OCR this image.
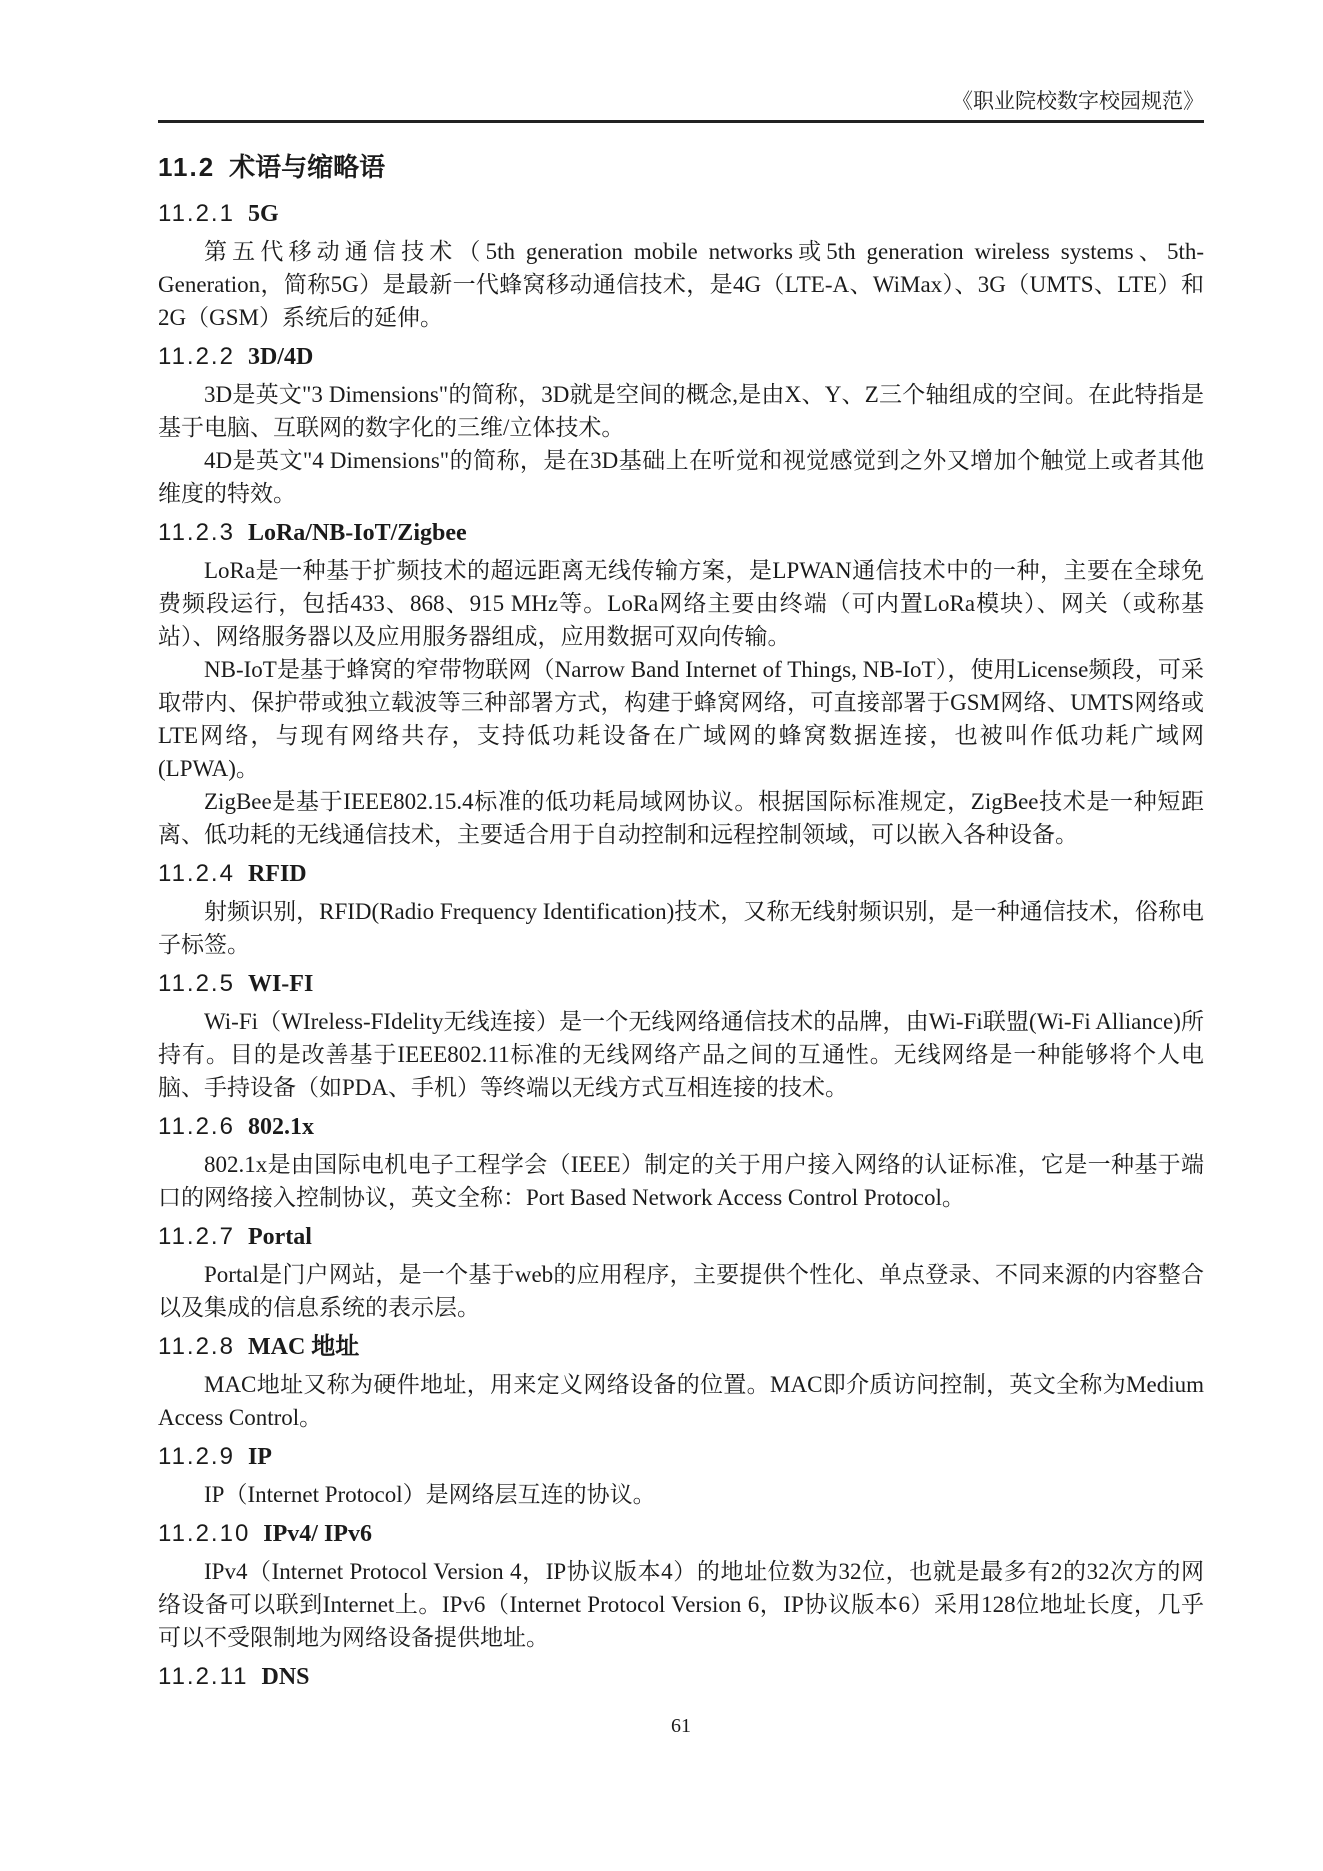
《职业院校数字校园规范》
11.2 术语与缩略语
11.2.1 5G

第五代移动通信技术（5th generation mobile networks或5th generation wireless systems、5th-Generation，简称5G）是最新一代蜂窝移动通信技术，是4G（LTE-A、WiMax）、3G（UMTS、LTE）和2G（GSM）系统后的延伸。

11.2.2 3D/4D

3D是英文"3 Dimensions"的简称，3D就是空间的概念,是由X、Y、Z三个轴组成的空间。在此特指是基于电脑、互联网的数字化的三维/立体技术。

4D是英文"4 Dimensions"的简称，是在3D基础上在听觉和视觉感觉到之外又增加个触觉上或者其他维度的特效。

11.2.3 LoRa/NB-IoT/Zigbee

LoRa是一种基于扩频技术的超远距离无线传输方案，是LPWAN通信技术中的一种，主要在全球免费频段运行，包括433、868、915 MHz等。LoRa网络主要由终端（可内置LoRa模块）、网关（或称基站）、网络服务器以及应用服务器组成，应用数据可双向传输。

NB-IoT是基于蜂窝的窄带物联网（Narrow Band Internet of Things, NB-IoT），使用License频段，可采取带内、保护带或独立载波等三种部署方式，构建于蜂窝网络，可直接部署于GSM网络、UMTS网络或LTE网络，与现有网络共存，支持低功耗设备在广域网的蜂窝数据连接，也被叫作低功耗广域网(LPWA)。

ZigBee是基于IEEE802.15.4标准的低功耗局域网协议。根据国际标准规定，ZigBee技术是一种短距离、低功耗的无线通信技术，主要适合用于自动控制和远程控制领域，可以嵌入各种设备。

11.2.4 RFID

射频识别，RFID(Radio Frequency Identification)技术，又称无线射频识别，是一种通信技术，俗称电子标签。

11.2.5 WI-FI

Wi-Fi（WIreless-FIdelity无线连接）是一个无线网络通信技术的品牌，由Wi-Fi联盟(Wi-Fi Alliance)所持有。目的是改善基于IEEE802.11标准的无线网络产品之间的互通性。无线网络是一种能够将个人电脑、手持设备（如PDA、手机）等终端以无线方式互相连接的技术。

11.2.6 802.1x

802.1x是由国际电机电子工程学会（IEEE）制定的关于用户接入网络的认证标准，它是一种基于端口的网络接入控制协议，英文全称：Port Based Network Access Control Protocol。

11.2.7 Portal

Portal是门户网站，是一个基于web的应用程序，主要提供个性化、单点登录、不同来源的内容整合以及集成的信息系统的表示层。

11.2.8 MAC 地址

MAC地址又称为硬件地址，用来定义网络设备的位置。MAC即介质访问控制，英文全称为Medium Access Control。

11.2.9 IP

IP（Internet Protocol）是网络层互连的协议。

11.2.10 IPv4/ IPv6

IPv4（Internet Protocol Version 4，IP协议版本4）的地址位数为32位，也就是最多有2的32次方的网络设备可以联到Internet上。IPv6（Internet Protocol Version 6，IP协议版本6）采用128位地址长度，几乎可以不受限制地为网络设备提供地址。

11.2.11 DNS
61
